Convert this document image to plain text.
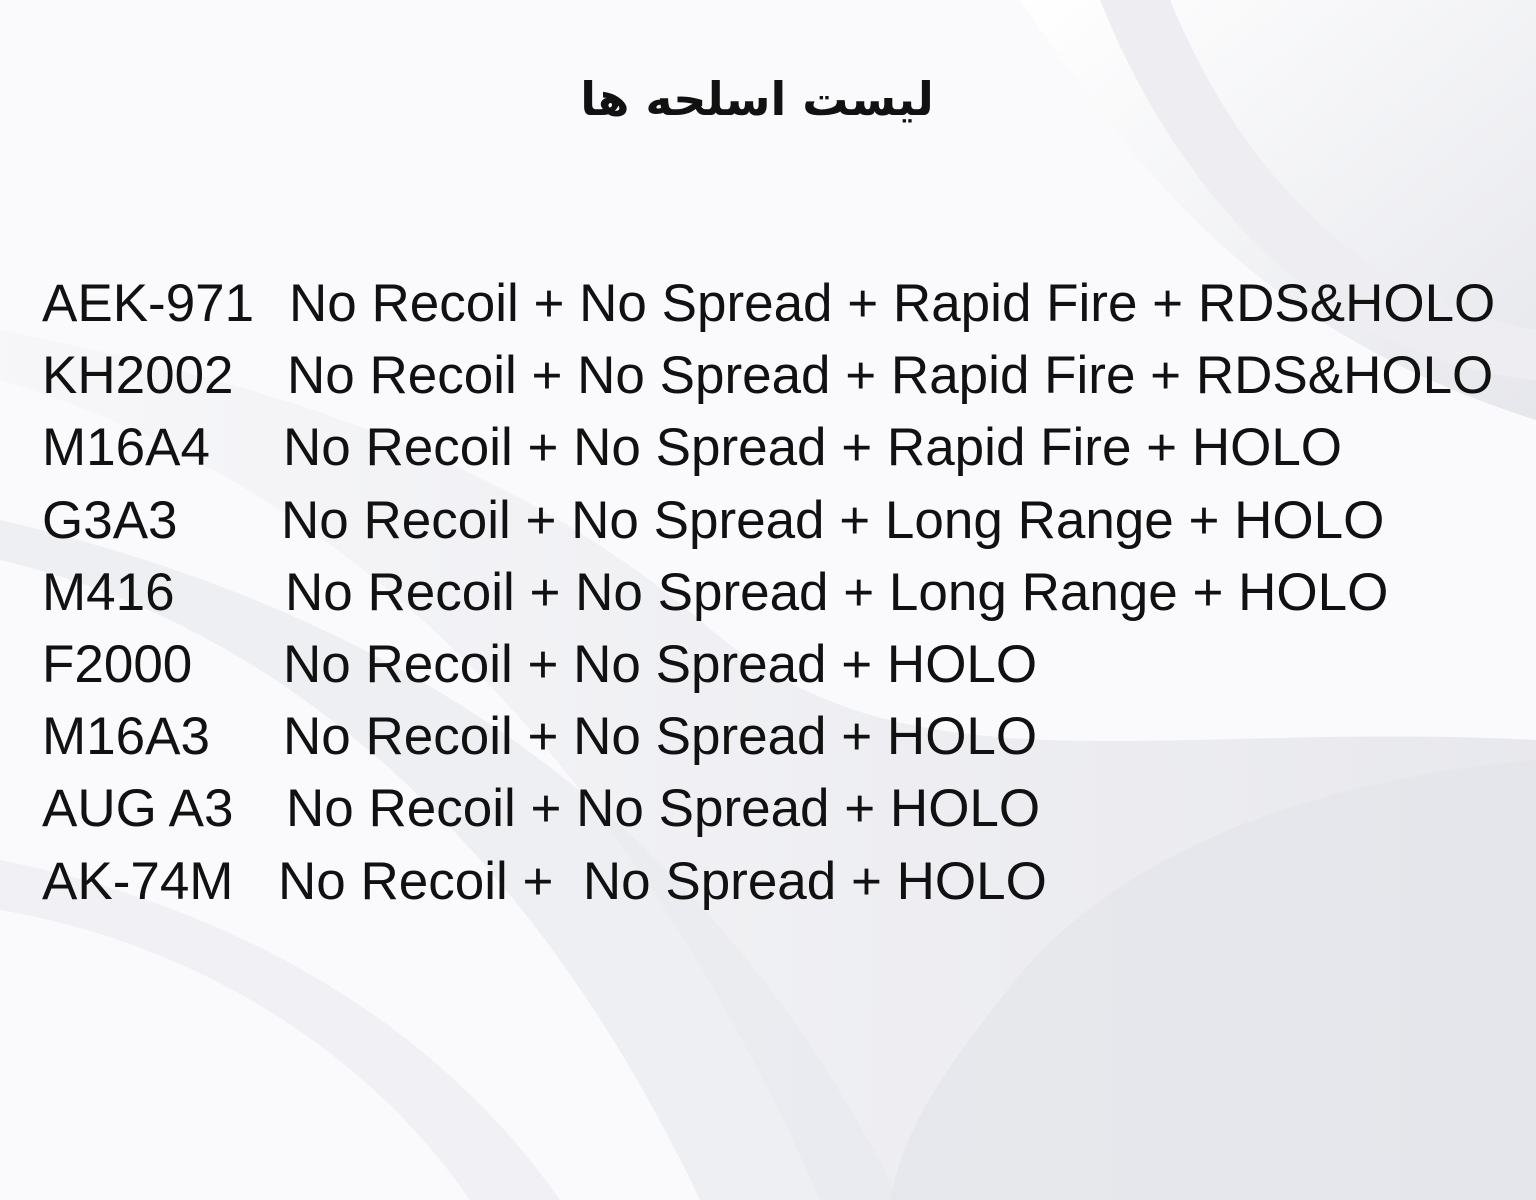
لیست اسلحه ها
AEK-971 No Recoil + No Spread + Rapid Fire + RDS&HOLO
KH2002	No Recoil + No Spread + Rapid Fire + RDS&HOLO
M16A4	No Recoil + No Spread + Rapid Fire + HOLO
G3A3	No Recoil + No Spread + Long Range + HOLO
M416	No Recoil + No Spread + Long Range + HOLO
F2000	No Recoil + No Spread + HOLO
M16A3	No Recoil + No Spread + HOLO
AUG A3 No Recoil + No Spread + HOLO
AK-74M No Recoil +  No Spread + HOLO
